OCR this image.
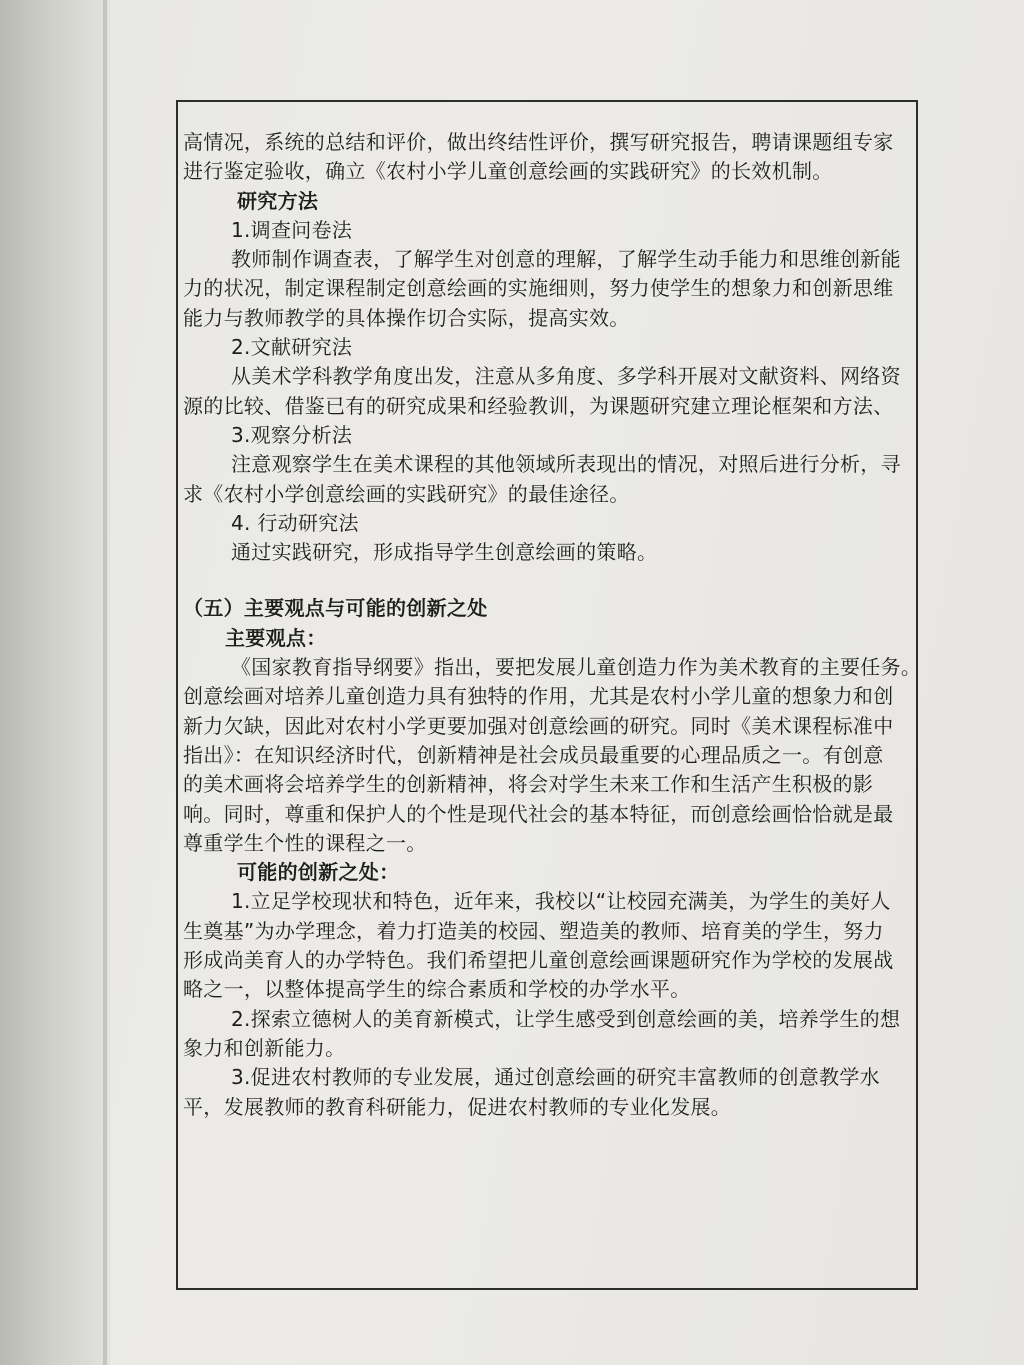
高情况，系统的总结和评价，做出终结性评价，撰写研究报告，聘请课题组专家

进行鉴定验收，确立《农村小学儿童创意绘画的实践研究》的长效机制。

研究方法

1.调查问卷法

教师制作调查表，了解学生对创意的理解，了解学生动手能力和思维创新能

力的状况，制定课程制定创意绘画的实施细则，努力使学生的想象力和创新思维

能力与教师教学的具体操作切合实际，提高实效。

2.文献研究法

从美术学科教学角度出发，注意从多角度、多学科开展对文献资料、网络资

源的比较、借鉴已有的研究成果和经验教训，为课题研究建立理论框架和方法、

3.观察分析法

注意观察学生在美术课程的其他领域所表现出的情况，对照后进行分析，寻

求《农村小学创意绘画的实践研究》的最佳途径。

4. 行动研究法

通过实践研究，形成指导学生创意绘画的策略。

（五）主要观点与可能的创新之处

主要观点：

《国家教育指导纲要》指出，要把发展儿童创造力作为美术教育的主要任务。

创意绘画对培养儿童创造力具有独特的作用，尤其是农村小学儿童的想象力和创

新力欠缺，因此对农村小学更要加强对创意绘画的研究。同时《美术课程标准中

指出》：在知识经济时代，创新精神是社会成员最重要的心理品质之一。有创意

的美术画将会培养学生的创新精神，将会对学生未来工作和生活产生积极的影

响。同时，尊重和保护人的个性是现代社会的基本特征，而创意绘画恰恰就是最

尊重学生个性的课程之一。

可能的创新之处：

1.立足学校现状和特色，近年来，我校以“让校园充满美，为学生的美好人

生奠基”为办学理念，着力打造美的校园、塑造美的教师、培育美的学生，努力

形成尚美育人的办学特色。我们希望把儿童创意绘画课题研究作为学校的发展战

略之一，以整体提高学生的综合素质和学校的办学水平。

2.探索立德树人的美育新模式，让学生感受到创意绘画的美，培养学生的想

象力和创新能力。

3.促进农村教师的专业发展，通过创意绘画的研究丰富教师的创意教学水

平，发展教师的教育科研能力，促进农村教师的专业化发展。
